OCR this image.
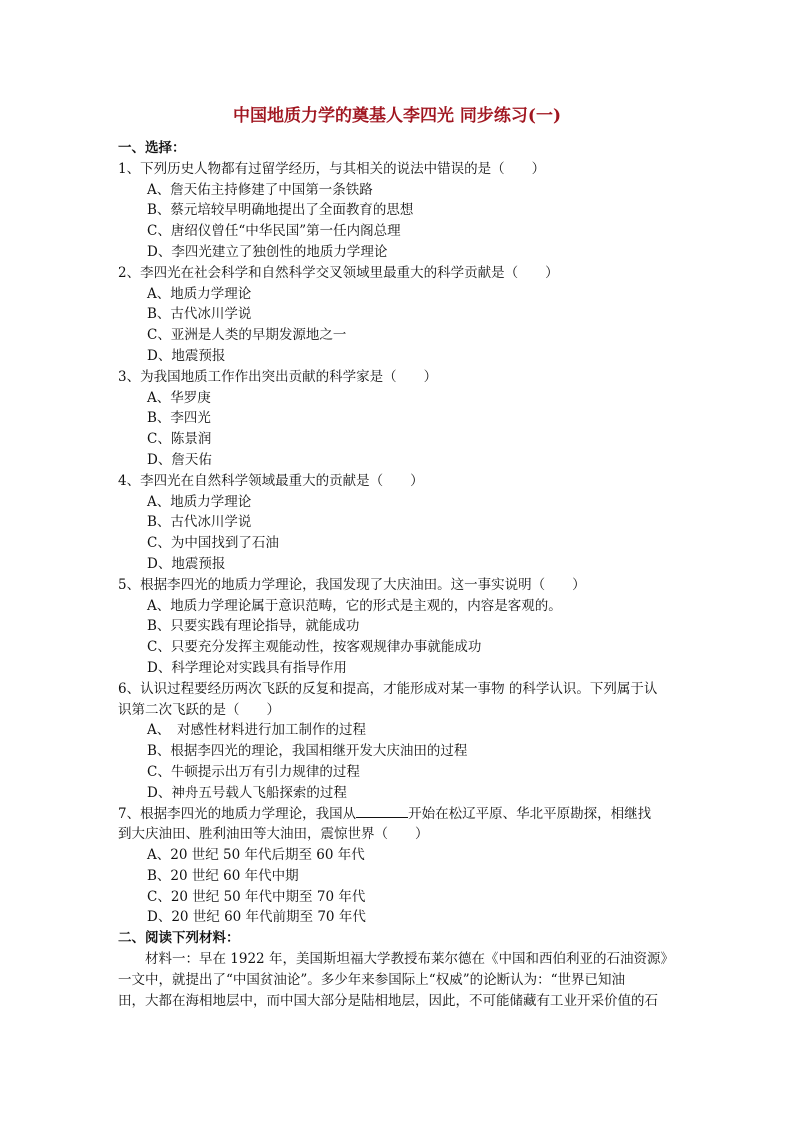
中国地质力学的奠基人李四光 同步练习(一)
一、选择：
1、下列历史人物都有过留学经历，与其相关的说法中错误的是（　　）
A、詹天佑主持修建了中国第一条铁路
B、蔡元培较早明确地提出了全面教育的思想
C、唐绍仪曾任“中华民国”第一任内阁总理
D、李四光建立了独创性的地质力学理论
2、李四光在社会科学和自然科学交叉领域里最重大的科学贡献是（　　）
A、地质力学理论
B、古代冰川学说
C、亚洲是人类的早期发源地之一
D、地震预报
3、为我国地质工作作出突出贡献的科学家是（　　）
A、华罗庚
B、李四光
C、陈景润
D、詹天佑
4、李四光在自然科学领域最重大的贡献是（　　）
A、地质力学理论
B、古代冰川学说
C、为中国找到了石油
D、地震预报
5、根据李四光的地质力学理论，我国发现了大庆油田。这一事实说明（　　）
A、地质力学理论属于意识范畴，它的形式是主观的，内容是客观的。
B、只要实践有理论指导，就能成功
C、只要充分发挥主观能动性，按客观规律办事就能成功
D、科学理论对实践具有指导作用
6、认识过程要经历两次飞跃的反复和提高，才能形成对某一事物 的科学认识。下列属于认
识第二次飞跃的是（　　）
A、　对感性材料进行加工制作的过程
B、根据李四光的理论，我国相继开发大庆油田的过程
C、牛顿提示出万有引力规律的过程
D、神舟五号载人飞船探索的过程
7、根据李四光的地质力学理论，我国从	开始在松辽平原、华北平原勘探，相继找
到大庆油田、胜利油田等大油田，震惊世界（　　）
A、20 世纪 50 年代后期至 60 年代
B、20 世纪 60 年代中期
C、20 世纪 50 年代中期至 70 年代
D、20 世纪 60 年代前期至 70 年代
二、阅读下列材料：
材料一：早在 1922 年，美国斯坦福大学教授布莱尔德在《中国和西伯利亚的石油资源》
一文中，就提出了“中国贫油论”。多少年来参国际上“权威”的论断认为：“世界已知油
田，大都在海相地层中，而中国大部分是陆相地层，因此，不可能储藏有工业开采价值的石
